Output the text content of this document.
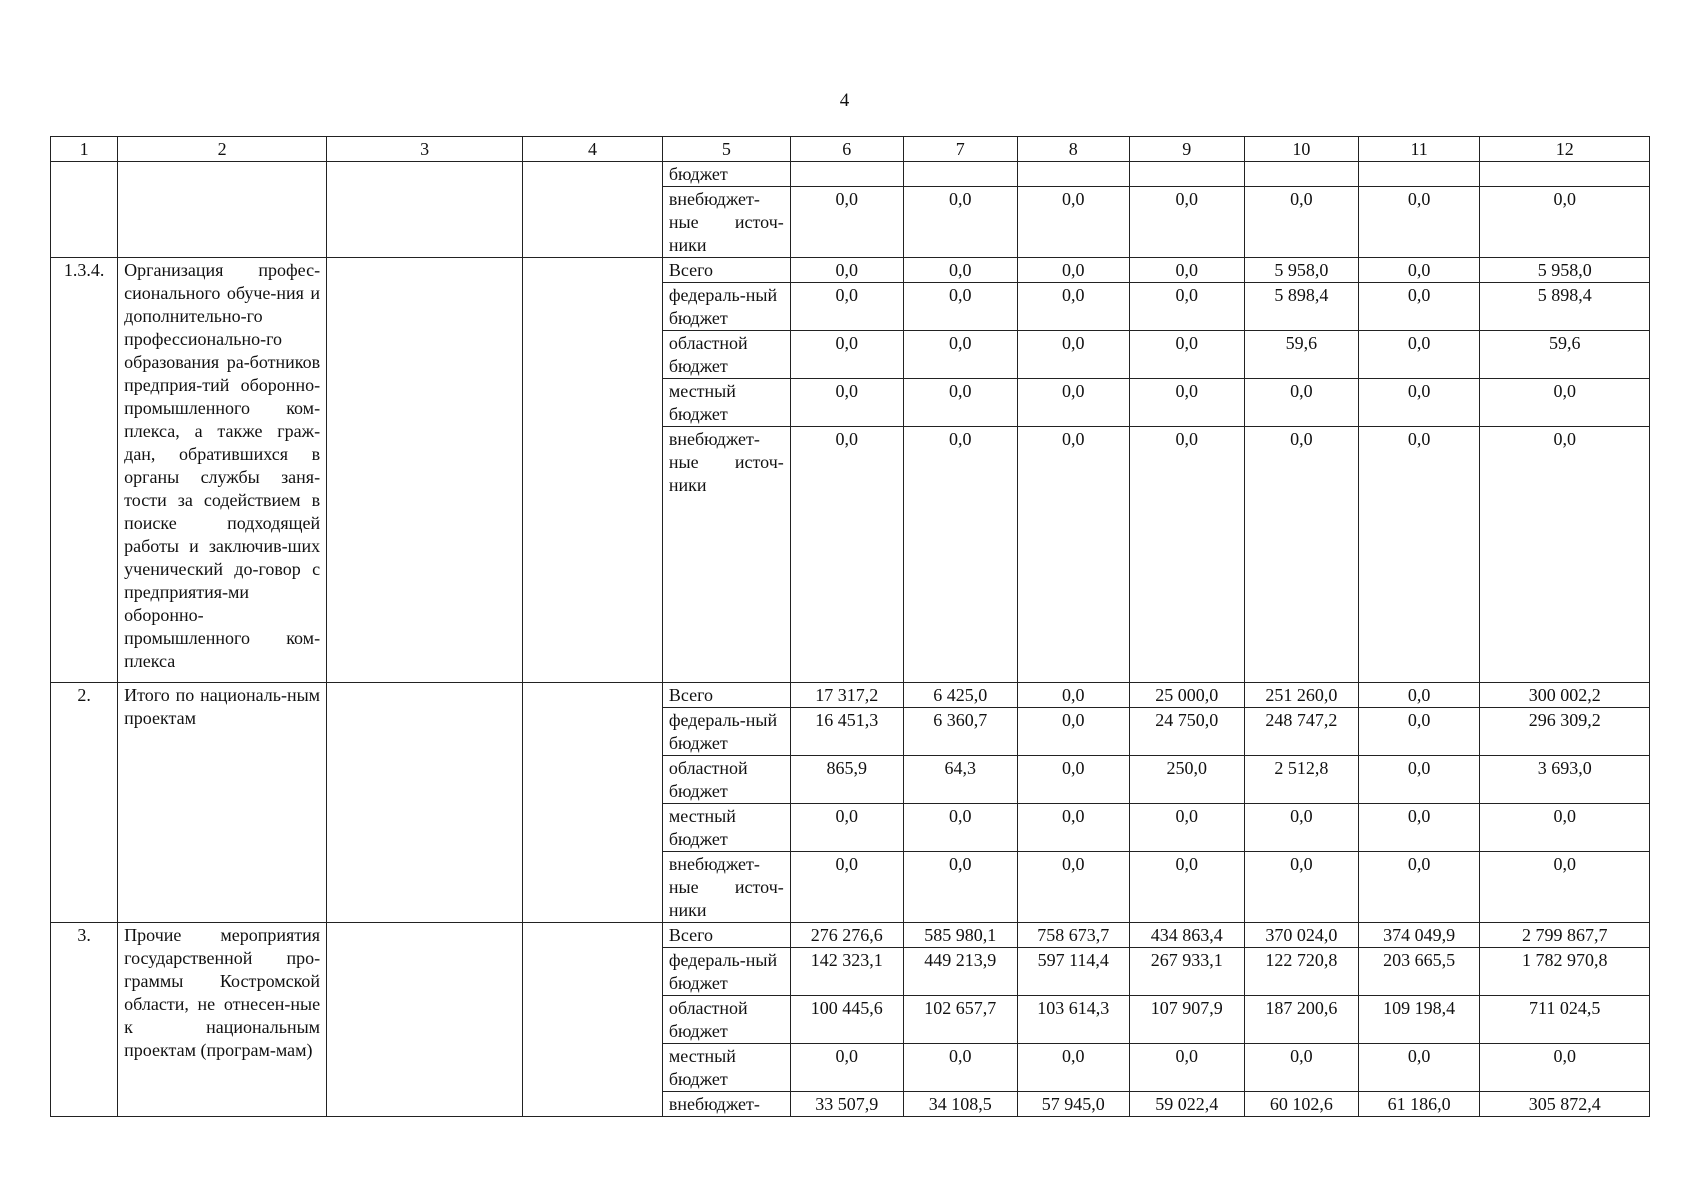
4
1	2	3	4	5	6	7	8	9	10	11	12
				бюджет							
				внебюджет-ные источ-ники	0,0	0,0	0,0	0,0	0,0	0,0	0,0
1.3.4.	Организация профес-сионального обуче-ния и дополнительно-го профессионально-го образования ра-ботников предприя-тий оборонно-промышленного ком-плекса, а также граж-дан, обратившихся в органы службы заня-тости за содействием в поиске подходящей работы и заключив-ших ученический до-говор с предприятия-ми оборонно-промышленного ком-плекса			Всего	0,0	0,0	0,0	0,0	5 958,0	0,0	5 958,0
				федераль-ный бюджет	0,0	0,0	0,0	0,0	5 898,4	0,0	5 898,4
				областной бюджет	0,0	0,0	0,0	0,0	59,6	0,0	59,6
				местный бюджет	0,0	0,0	0,0	0,0	0,0	0,0	0,0
				внебюджет-ные источ-ники	0,0	0,0	0,0	0,0	0,0	0,0	0,0
2.	Итого по националь-ным проектам			Всего	17 317,2	6 425,0	0,0	25 000,0	251 260,0	0,0	300 002,2
				федераль-ный бюджет	16 451,3	6 360,7	0,0	24 750,0	248 747,2	0,0	296 309,2
				областной бюджет	865,9	64,3	0,0	250,0	2 512,8	0,0	3 693,0
				местный бюджет	0,0	0,0	0,0	0,0	0,0	0,0	0,0
				внебюджет-ные источ-ники	0,0	0,0	0,0	0,0	0,0	0,0	0,0
3.	Прочие мероприятия государственной про-граммы Костромской области, не отнесен-ные к национальным проектам (програм-мам)			Всего	276 276,6	585 980,1	758 673,7	434 863,4	370 024,0	374 049,9	2 799 867,7
				федераль-ный бюджет	142 323,1	449 213,9	597 114,4	267 933,1	122 720,8	203 665,5	1 782 970,8
				областной бюджет	100 445,6	102 657,7	103 614,3	107 907,9	187 200,6	109 198,4	711 024,5
				местный бюджет	0,0	0,0	0,0	0,0	0,0	0,0	0,0
				внебюджет-	33 507,9	34 108,5	57 945,0	59 022,4	60 102,6	61 186,0	305 872,4
